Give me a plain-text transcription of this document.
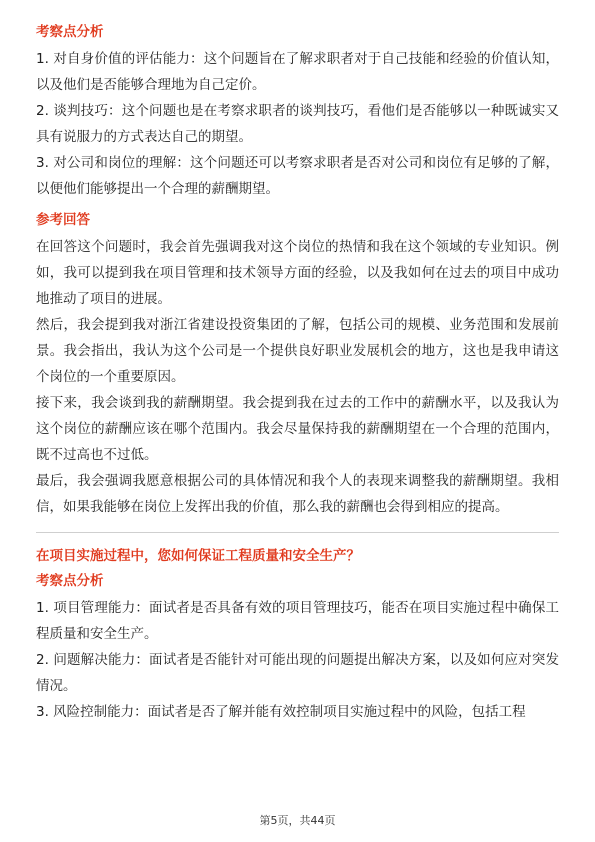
考察点分析

1. 对自身价值的评估能力：这个问题旨在了解求职者对于自己技能和经验的价值认知，以及他们是否能够合理地为自己定价。

2. 谈判技巧：这个问题也是在考察求职者的谈判技巧，看他们是否能够以一种既诚实又具有说服力的方式表达自己的期望。

3. 对公司和岗位的理解：这个问题还可以考察求职者是否对公司和岗位有足够的了解，以便他们能够提出一个合理的薪酬期望。

参考回答

在回答这个问题时，我会首先强调我对这个岗位的热情和我在这个领域的专业知识。例如，我可以提到我在项目管理和技术领导方面的经验，以及我如何在过去的项目中成功地推动了项目的进展。

然后，我会提到我对浙江省建设投资集团的了解，包括公司的规模、业务范围和发展前景。我会指出，我认为这个公司是一个提供良好职业发展机会的地方，这也是我申请这个岗位的一个重要原因。

接下来，我会谈到我的薪酬期望。我会提到我在过去的工作中的薪酬水平，以及我认为这个岗位的薪酬应该在哪个范围内。我会尽量保持我的薪酬期望在一个合理的范围内，既不过高也不过低。

最后，我会强调我愿意根据公司的具体情况和我个人的表现来调整我的薪酬期望。我相信，如果我能够在岗位上发挥出我的价值，那么我的薪酬也会得到相应的提高。

在项目实施过程中，您如何保证工程质量和安全生产？
考察点分析

1. 项目管理能力：面试者是否具备有效的项目管理技巧，能否在项目实施过程中确保工程质量和安全生产。

2. 问题解决能力：面试者是否能针对可能出现的问题提出解决方案，以及如何应对突发情况。

3. 风险控制能力：面试者是否了解并能有效控制项目实施过程中的风险，包括工程

第5页，共44页
